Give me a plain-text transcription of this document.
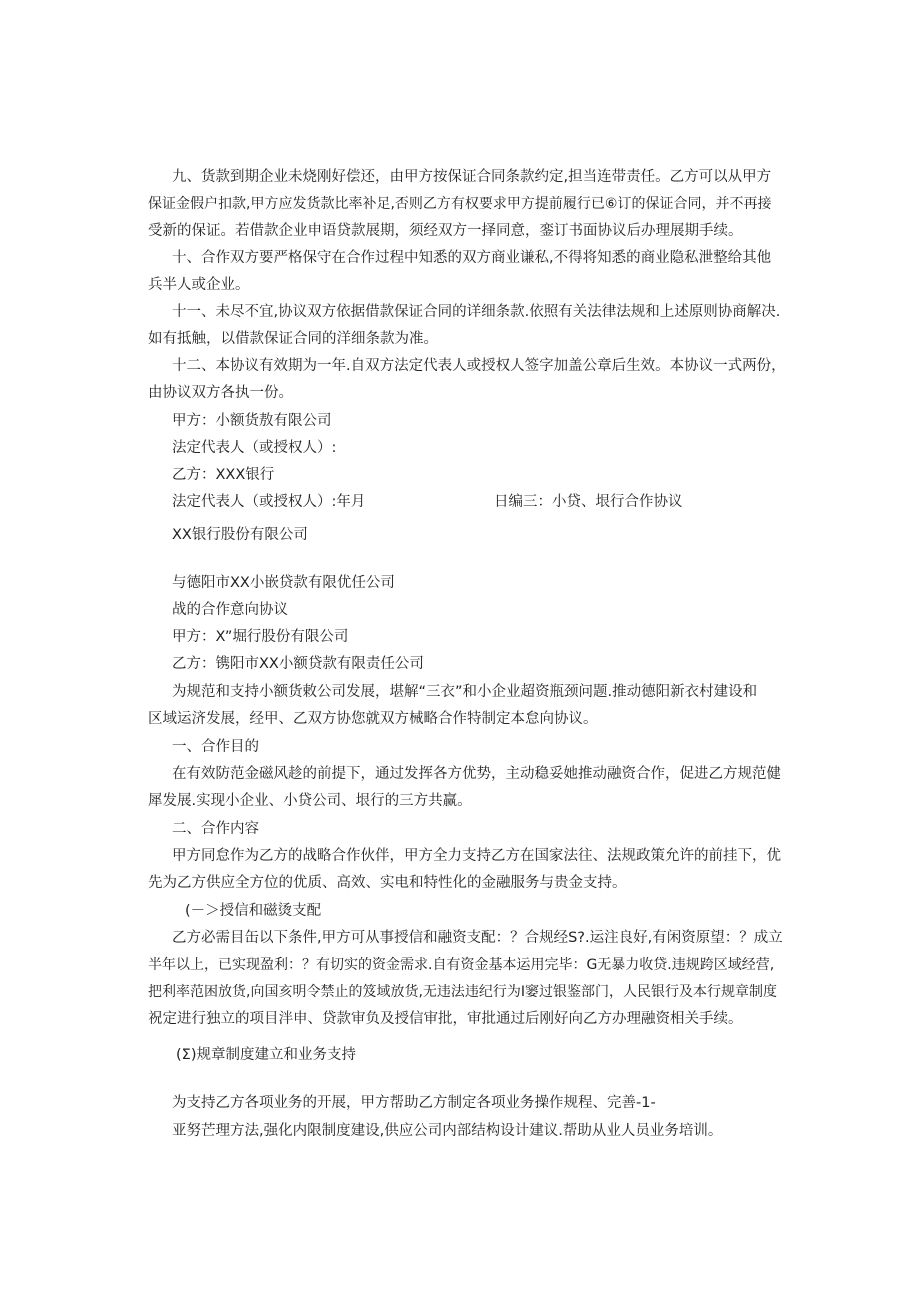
九、货款到期企业未烧刚好偿还，由甲方按保证合同条款约定,担当连带责任。乙方可以从甲方

保证金假户扣款,甲方应发货款比率补足,否则乙方有权要求甲方提前履行已⑥订的保证合同，并不再接

受新的保证。若借款企业申语贷款展期，须经双方一择同意，銮订书面协议后办理展期手续。

十、合作双方要严格保守在合作过程中知悉的双方商业谦私,不得将知悉的商业隐私泄整给其他

兵半人或企业。

十一、未尽不宜,协议双方依据借款保证合同的详细条款.依照有关法律法规和上述原则协商解决.

如有抵触，以借款保证合同的洋细条款为准。

十二、本协议有效期为一年.自双方法定代表人或授权人签字加盖公章后生效。本协议一式两份，

由协议双方各执一份。

甲方：小额货敖有限公司

法定代表人（或授权人）:

乙方：XXX银行

法定代表人（或授权人）:年月	日编三：小贷、垠行合作协议

XX银行股份有限公司

与德阳市XX小嵌贷款有限优任公司

战的合作意向协议

甲方：X”堀行股份有限公司

乙方：镌阳市XX小额贷款有限责任公司

为规范和支持小额货敕公司发展，堪解“三衣”和小企业超资瓶颈问题.推动德阳新衣村建设和

区域运济发展，经甲、乙双方协您就双方械略合作特制定本怠向协议。

一、合作目的

在有效防范金磁风趁的前提下，通过发挥各方优势，主动稳妥她推动融资合作，促进乙方规范健

犀发展.实现小企业、小贷公司、垠行的三方共赢。

二、合作内容

甲方同怠作为乙方的战略合作伙伴，甲方全力支持乙方在国家法往、法规政策允许的前挂下，优

先为乙方供应全方位的优质、高效、实电和特性化的金融服务与贵金支持。

(－＞授信和磁烫支配

乙方必需目缶以下条件,甲方可从事授信和融资支配：？合规经S?.运注良好,有闲资原望：？成立

半年以上，已实现盈利：？有切实的资金需求.自有资金基本运用完毕：G无暴力收贷.违规跨区域经营,

把利率范困放货,向国亥明令禁止的笈域放货,无违法违纪行为I窭过银鉴部门，人民银行及本行规章制度

祝定进行独立的项目泮申、贷款审负及授信审批，审批通过后刚好向乙方办理融资相关手续。

(Σ)规章制度建立和业务支持

为支持乙方各项业务的开展，甲方帮助乙方制定各项业务操作规程、完善-1-

亚努芒理方法,强化内限制度建设,供应公司内部结构设计建议.帮助从业人员业务培训。
